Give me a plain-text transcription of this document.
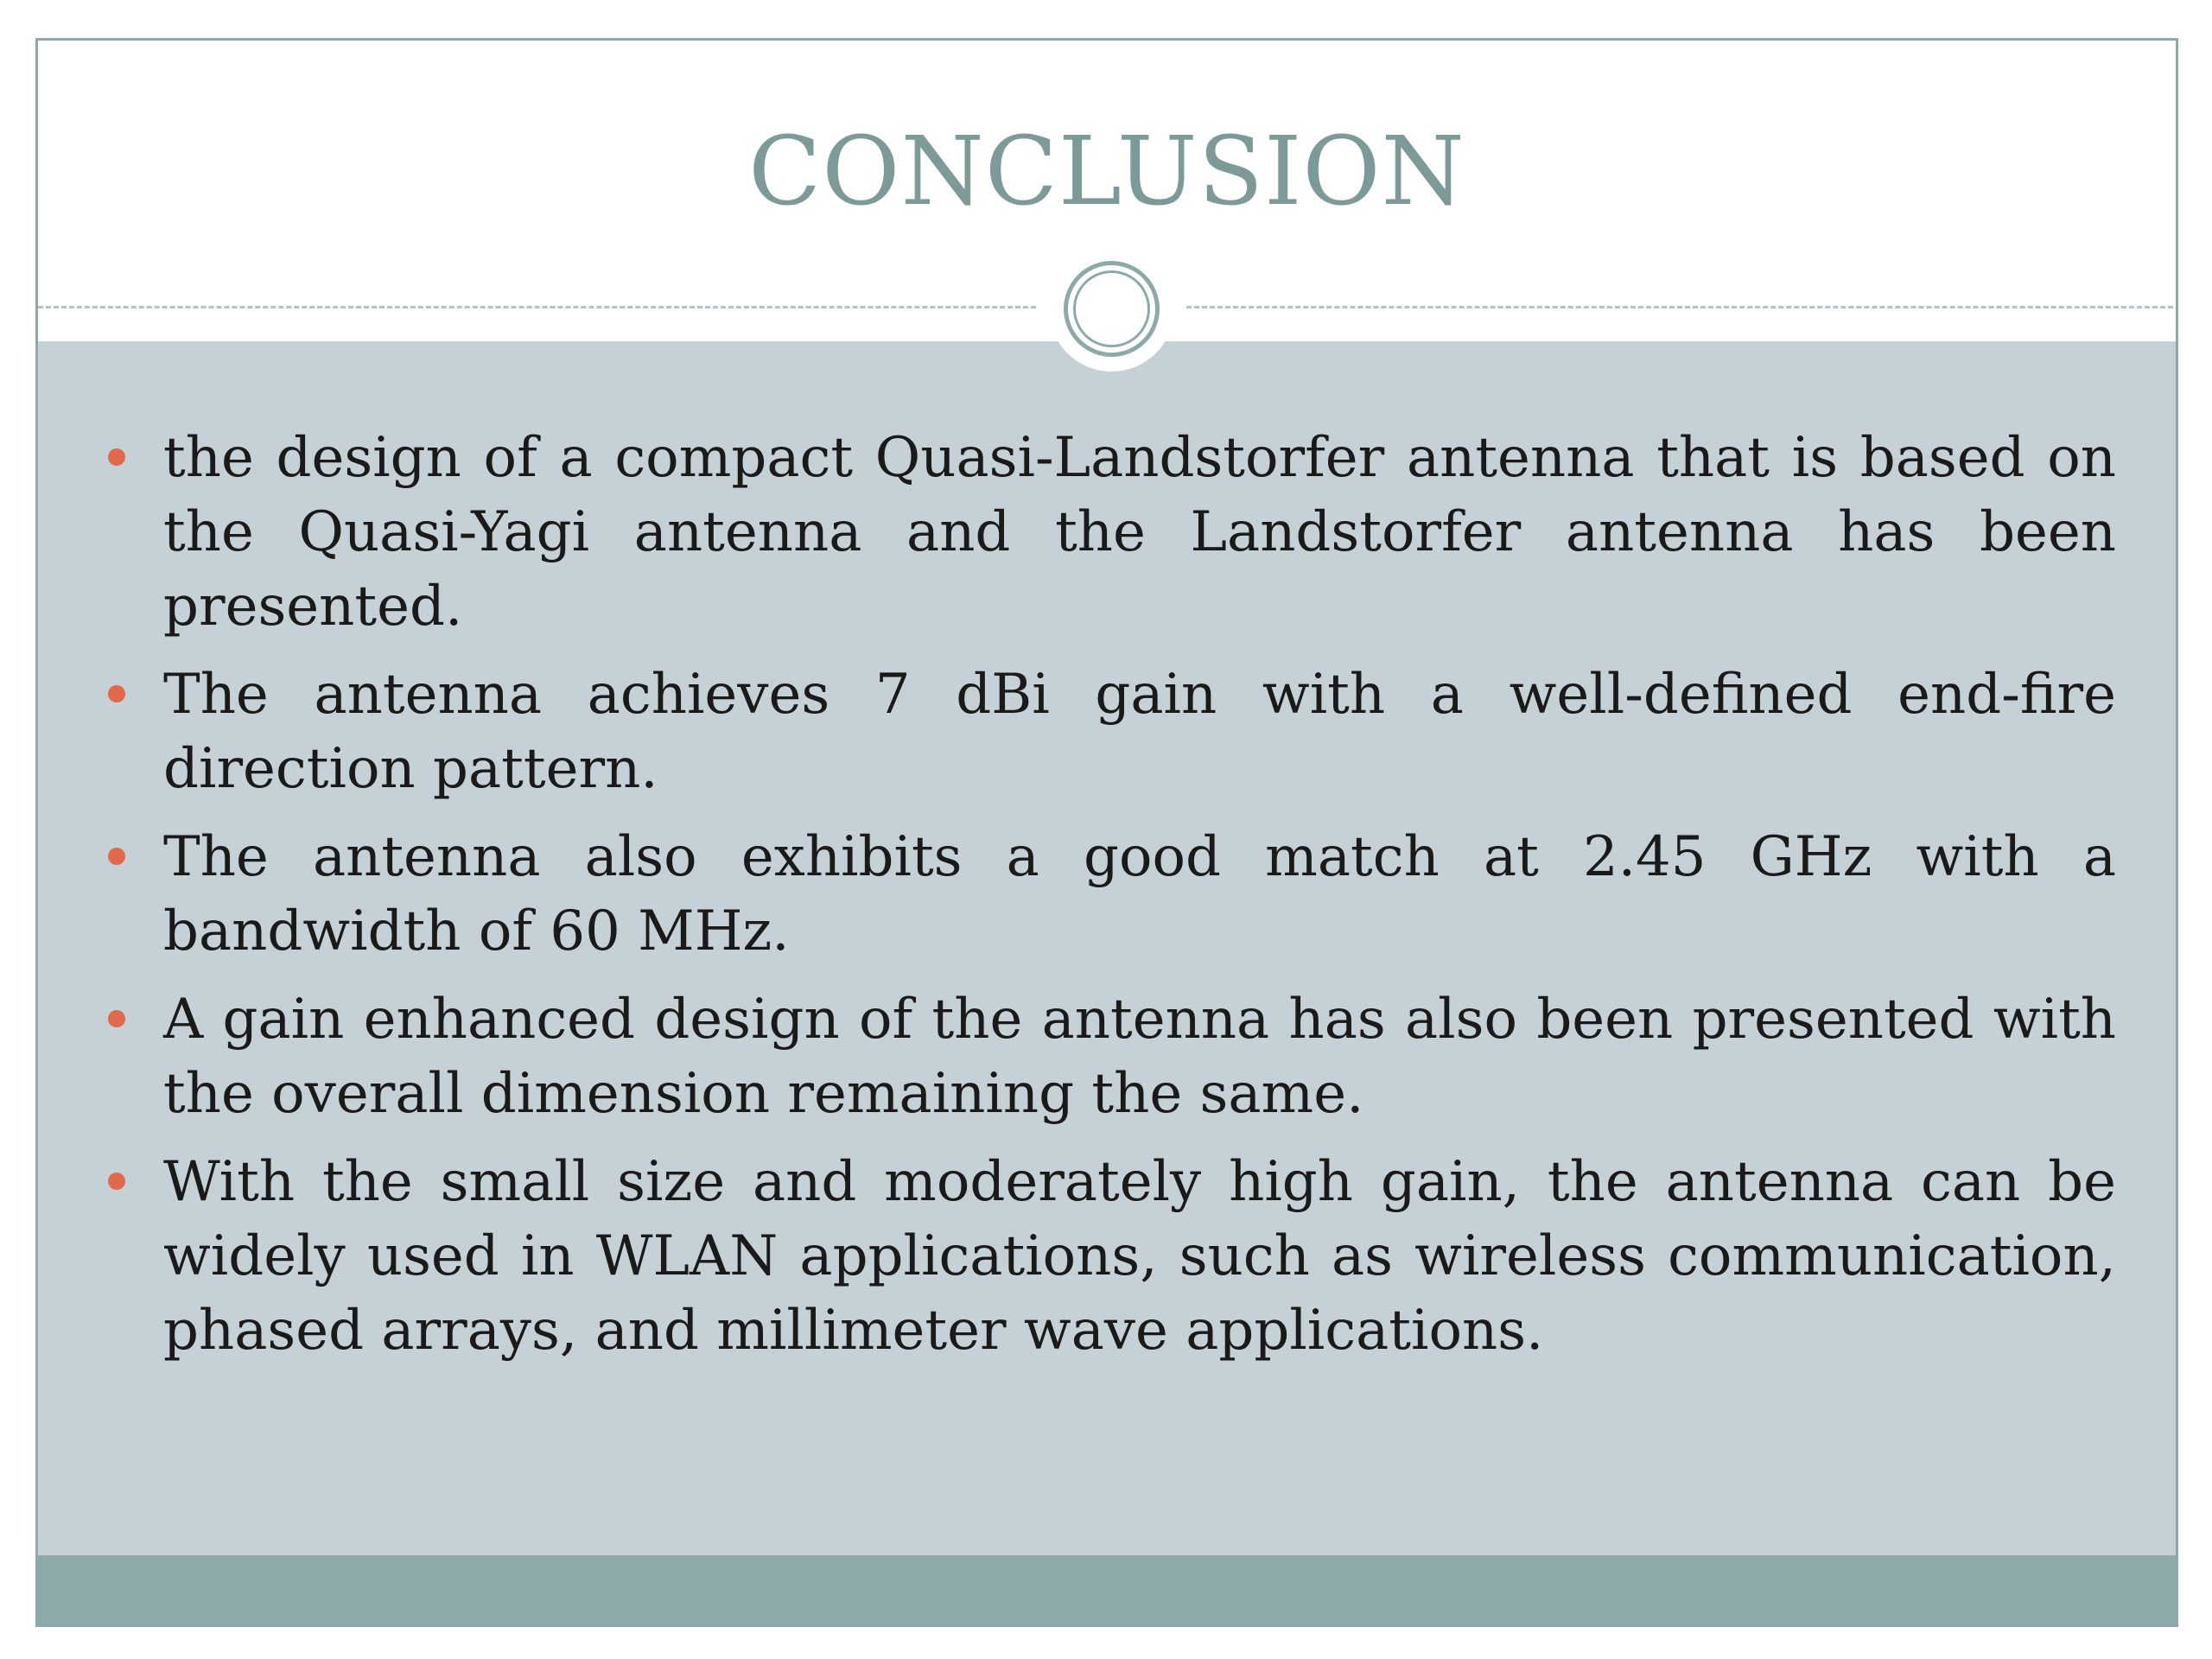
CONCLUSION
the design of a compact Quasi-Landstorfer antenna that is based on the Quasi-Yagi antenna and the Landstorfer antenna has been presented.
The antenna achieves 7 dBi gain with a well-defined end-fire direction pattern.
The antenna also exhibits a good match at 2.45 GHz with a bandwidth of 60 MHz.
A gain enhanced design of the antenna has also been presented with the overall dimension remaining the same.
With the small size and moderately high gain, the antenna can be widely used in WLAN applications, such as wireless communication, phased arrays, and millimeter wave applications.
